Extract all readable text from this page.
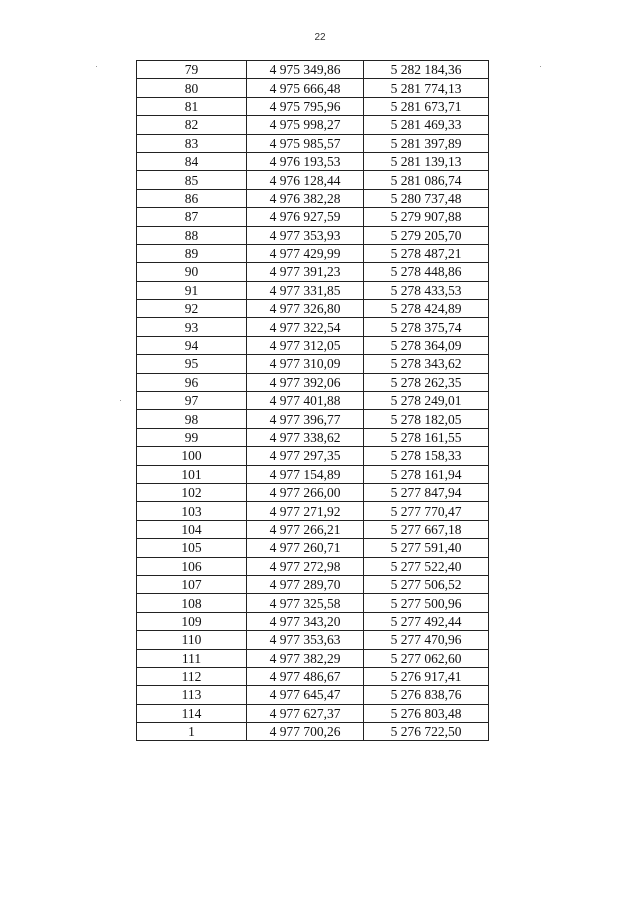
22
79	4 975 349,86	5 282 184,36
80	4 975 666,48	5 281 774,13
81	4 975 795,96	5 281 673,71
82	4 975 998,27	5 281 469,33
83	4 975 985,57	5 281 397,89
84	4 976 193,53	5 281 139,13
85	4 976 128,44	5 281 086,74
86	4 976 382,28	5 280 737,48
87	4 976 927,59	5 279 907,88
88	4 977 353,93	5 279 205,70
89	4 977 429,99	5 278 487,21
90	4 977 391,23	5 278 448,86
91	4 977 331,85	5 278 433,53
92	4 977 326,80	5 278 424,89
93	4 977 322,54	5 278 375,74
94	4 977 312,05	5 278 364,09
95	4 977 310,09	5 278 343,62
96	4 977 392,06	5 278 262,35
97	4 977 401,88	5 278 249,01
98	4 977 396,77	5 278 182,05
99	4 977 338,62	5 278 161,55
100	4 977 297,35	5 278 158,33
101	4 977 154,89	5 278 161,94
102	4 977 266,00	5 277 847,94
103	4 977 271,92	5 277 770,47
104	4 977 266,21	5 277 667,18
105	4 977 260,71	5 277 591,40
106	4 977 272,98	5 277 522,40
107	4 977 289,70	5 277 506,52
108	4 977 325,58	5 277 500,96
109	4 977 343,20	5 277 492,44
110	4 977 353,63	5 277 470,96
111	4 977 382,29	5 277 062,60
112	4 977 486,67	5 276 917,41
113	4 977 645,47	5 276 838,76
114	4 977 627,37	5 276 803,48
1	4 977 700,26	5 276 722,50
